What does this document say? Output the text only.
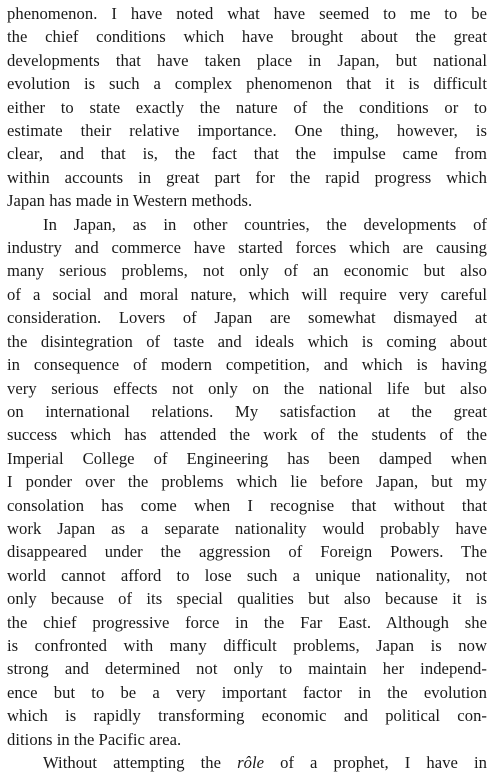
phenomenon. I have noted what have seemed to me to be
the chief conditions which have brought about the great
developments that have taken place in Japan, but national
evolution is such a complex phenomenon that it is difficult
either to state exactly the nature of the conditions or to
estimate their relative importance. One thing, however, is
clear, and that is, the fact that the impulse came from
within accounts in great part for the rapid progress which
Japan has made in Western methods.
In Japan, as in other countries, the developments of
industry and commerce have started forces which are causing
many serious problems, not only of an economic but also
of a social and moral nature, which will require very careful
consideration. Lovers of Japan are somewhat dismayed at
the disintegration of taste and ideals which is coming about
in consequence of modern competition, and which is having
very serious effects not only on the national life but also
on international relations. My satisfaction at the great
success which has attended the work of the students of the
Imperial College of Engineering has been damped when
I ponder over the problems which lie before Japan, but my
consolation has come when I recognise that without that
work Japan as a separate nationality would probably have
disappeared under the aggression of Foreign Powers. The
world cannot afford to lose such a unique nationality, not
only because of its special qualities but also because it is
the chief progressive force in the Far East. Although she
is confronted with many difficult problems, Japan is now
strong and determined not only to maintain her independ-
ence but to be a very important factor in the evolution
which is rapidly transforming economic and political con-
ditions in the Pacific area.
Without attempting the rôle of a prophet, I have in
